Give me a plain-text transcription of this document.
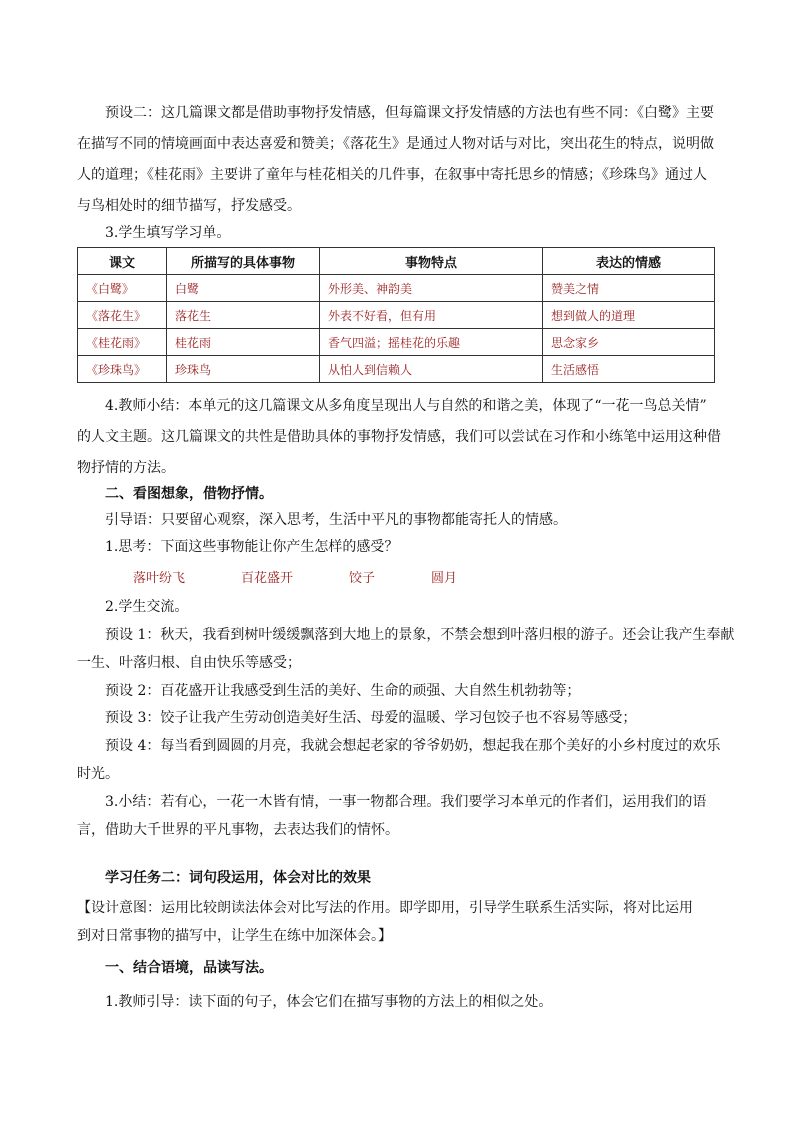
预设二：这几篇课文都是借助事物抒发情感，但每篇课文抒发情感的方法也有些不同：《白鹭》主要
在描写不同的情境画面中表达喜爱和赞美；《落花生》是通过人物对话与对比，突出花生的特点，说明做
人的道理；《桂花雨》主要讲了童年与桂花相关的几件事，在叙事中寄托思乡的情感；《珍珠鸟》通过人
与鸟相处时的细节描写，抒发感受。
3.学生填写学习单。
课文	所描写的具体事物	事物特点	表达的情感
《白鹭》	白鹭	外形美、神韵美	赞美之情
《落花生》	落花生	外表不好看，但有用	想到做人的道理
《桂花雨》	桂花雨	香气四溢；摇桂花的乐趣	思念家乡
《珍珠鸟》	珍珠鸟	从怕人到信赖人	生活感悟
4.教师小结：本单元的这几篇课文从多角度呈现出人与自然的和谐之美，体现了“一花一鸟总关情”
的人文主题。这几篇课文的共性是借助具体的事物抒发情感，我们可以尝试在习作和小练笔中运用这种借
物抒情的方法。
二、看图想象，借物抒情。
引导语：只要留心观察，深入思考，生活中平凡的事物都能寄托人的情感。
1.思考：下面这些事物能让你产生怎样的感受？
落叶纷飞	百花盛开	饺子	圆月
2.学生交流。
预设 1：秋天，我看到树叶缓缓飘落到大地上的景象，不禁会想到叶落归根的游子。还会让我产生奉献
一生、叶落归根、自由快乐等感受；
预设 2：百花盛开让我感受到生活的美好、生命的顽强、大自然生机勃勃等；
预设 3：饺子让我产生劳动创造美好生活、母爱的温暖、学习包饺子也不容易等感受；
预设 4：每当看到圆圆的月亮，我就会想起老家的爷爷奶奶，想起我在那个美好的小乡村度过的欢乐
时光。
3.小结：若有心，一花一木皆有情，一事一物都合理。我们要学习本单元的作者们，运用我们的语
言，借助大千世界的平凡事物，去表达我们的情怀。
学习任务二：词句段运用，体会对比的效果
【设计意图：运用比较朗读法体会对比写法的作用。即学即用，引导学生联系生活实际，将对比运用
到对日常事物的描写中，让学生在练中加深体会。】
一、结合语境，品读写法。
1.教师引导：读下面的句子，体会它们在描写事物的方法上的相似之处。
